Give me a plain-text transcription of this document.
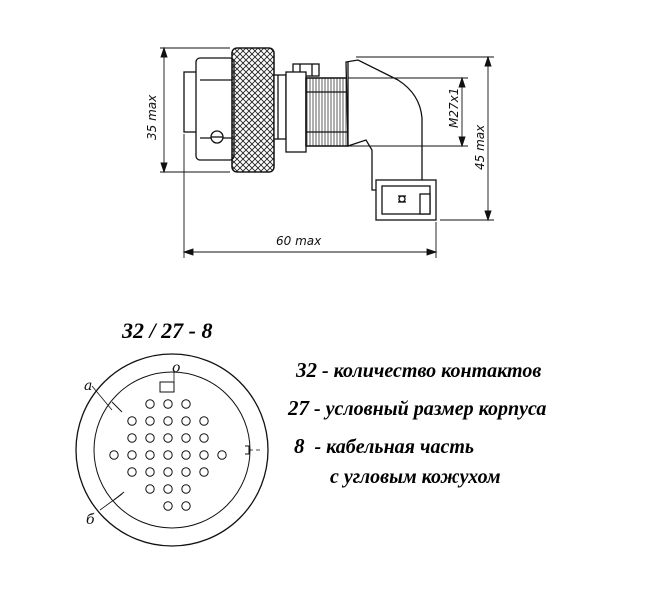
35 max
60 max
45 max
M27x1
o
a
б
32 / 27 - 8
32 - количество контактов
27 - условный размер корпуса
8  - кабельная часть
с угловым кожухом
